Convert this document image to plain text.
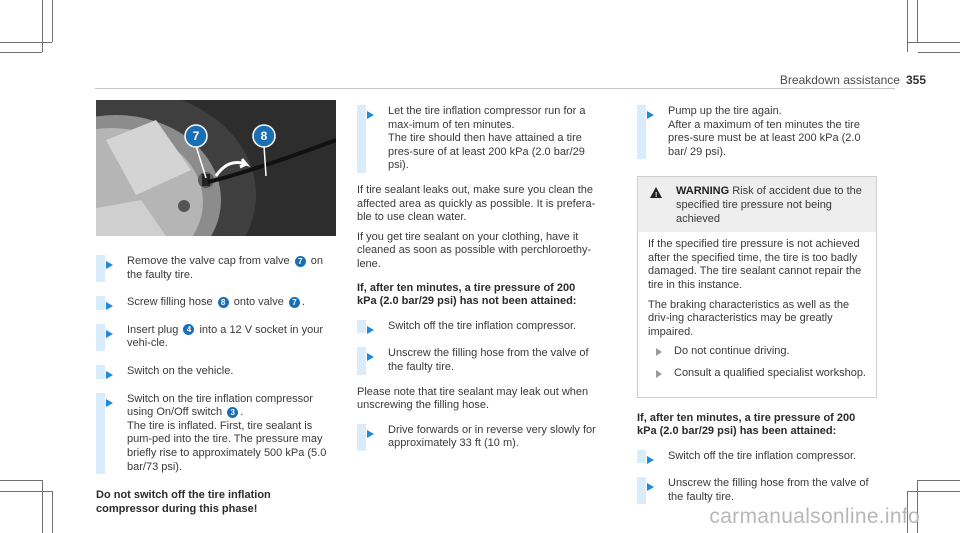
Breakdown assistance 355
7	8
Remove the valve cap from valve 7 on the faulty tire.
Screw filling hose 8 onto valve 7 .
Insert plug 4 into a 12 V socket in your vehi-cle.
Switch on the vehicle.
Switch on the tire inflation compressor using On/Off switch 3 .
The tire is inflated. First, tire sealant is pum-ped into the tire. The pressure may briefly rise to approximately 500 kPa (5.0 bar/73 psi).
Do not switch off the tire inflation compressor during this phase!
Let the tire inflation compressor run for a max-imum of ten minutes.
The tire should then have attained a tire pres-sure of at least 200 kPa (2.0 bar/29 psi).
If tire sealant leaks out, make sure you clean the affected area as quickly as possible. It is prefera-ble to use clean water.
If you get tire sealant on your clothing, have it cleaned as soon as possible with perchloroethy-lene.
If, after ten minutes, a tire pressure of 200 kPa (2.0 bar/29 psi) has not been attained:
Switch off the tire inflation compressor.
Unscrew the filling hose from the valve of the faulty tire.
Please note that tire sealant may leak out when unscrewing the filling hose.
Drive forwards or in reverse very slowly for approximately 33 ft (10 m).
Pump up the tire again.
After a maximum of ten minutes the tire pres-sure must be at least 200 kPa (2.0 bar/ 29 psi).
! WARNING Risk of accident due to the specified tire pressure not being achieved
If the specified tire pressure is not achieved after the specified time, the tire is too badly damaged. The tire sealant cannot repair the tire in this instance.
The braking characteristics as well as the driv-ing characteristics may be greatly impaired.
Do not continue driving.
Consult a qualified specialist workshop.
If, after ten minutes, a tire pressure of 200 kPa (2.0 bar/29 psi) has been attained:
Switch off the tire inflation compressor.
Unscrew the filling hose from the valve of the faulty tire.
carmanualsonline.info
